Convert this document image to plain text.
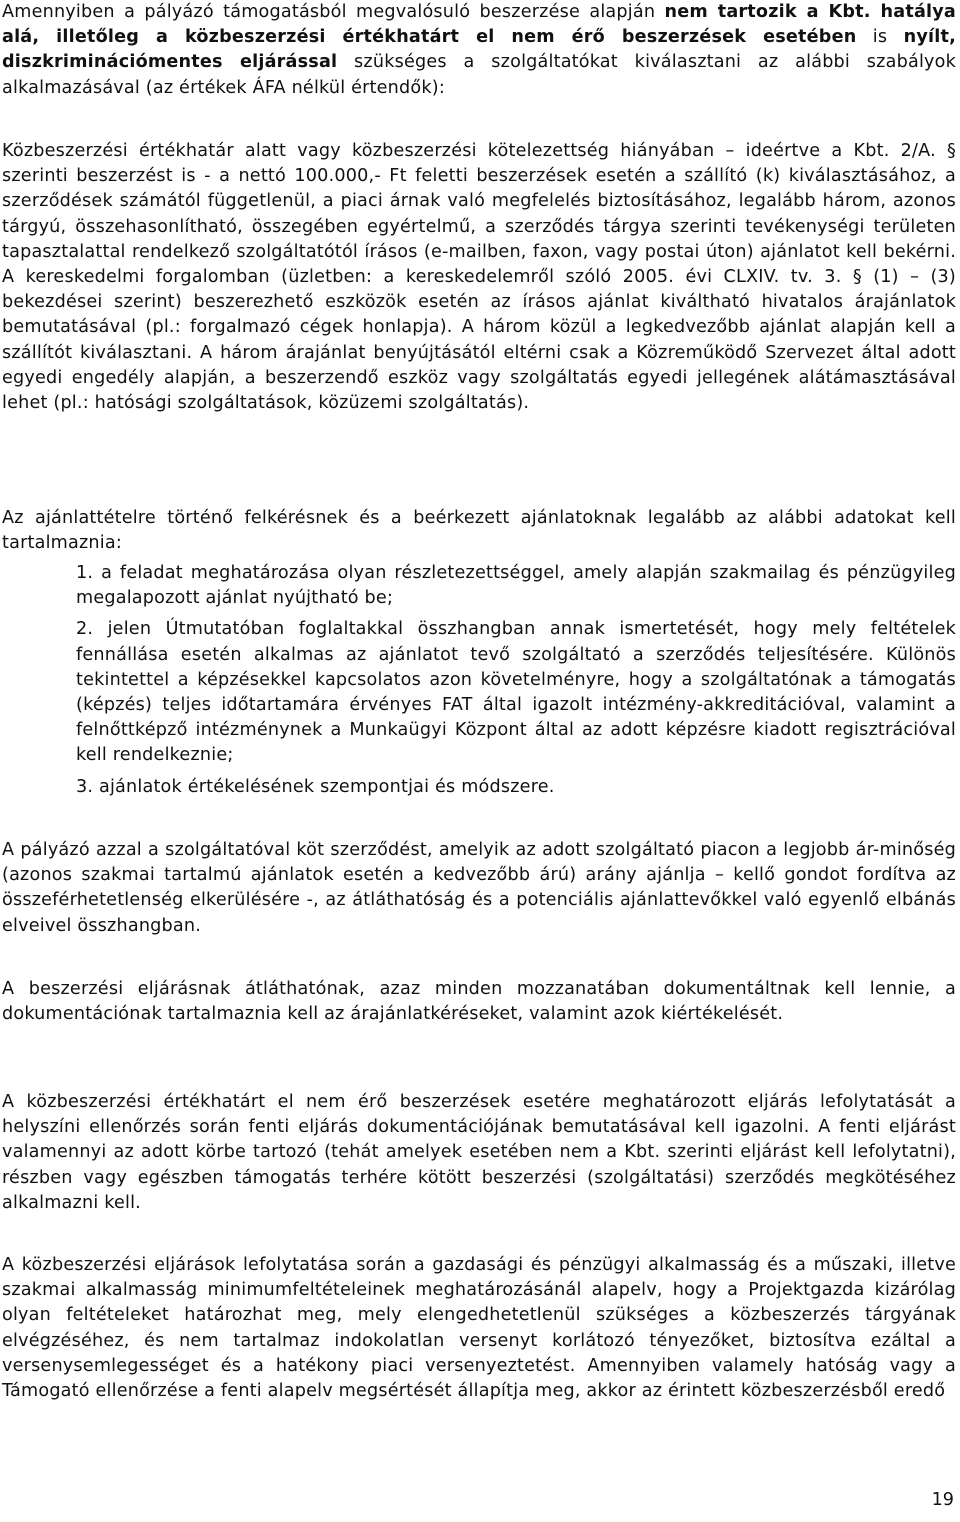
Amennyiben a pályázó támogatásból megvalósuló beszerzése alapján nem tartozik a Kbt. hatálya alá, illetőleg a közbeszerzési értékhatárt el nem érő beszerzések esetében is nyílt, diszkriminációmentes eljárással szükséges a szolgáltatókat kiválasztani az alábbi szabályok alkalmazásával (az értékek ÁFA nélkül értendők):

Közbeszerzési értékhatár alatt vagy közbeszerzési kötelezettség hiányában – ideértve a Kbt. 2/A. § szerinti beszerzést is - a nettó 100.000,- Ft feletti beszerzések esetén a szállító (k) kiválasztásához, a szerződések számától függetlenül, a piaci árnak való megfelelés biztosításához, legalább három, azonos tárgyú, összehasonlítható, összegében egyértelmű, a szerződés tárgya szerinti tevékenységi területen tapasztalattal rendelkező szolgáltatótól írásos (e-mailben, faxon, vagy postai úton) ajánlatot kell bekérni. A kereskedelmi forgalomban (üzletben: a kereskedelemről szóló 2005. évi CLXIV. tv. 3. § (1) – (3) bekezdései szerint) beszerezhető eszközök esetén az írásos ajánlat kiváltható hivatalos árajánlatok bemutatásával (pl.: forgalmazó cégek honlapja). A három közül a legkedvezőbb ajánlat alapján kell a szállítót kiválasztani. A három árajánlat benyújtásától eltérni csak a Közreműködő Szervezet által adott egyedi engedély alapján, a beszerzendő eszköz vagy szolgáltatás egyedi jellegének alátámasztásával lehet (pl.: hatósági szolgáltatások, közüzemi szolgáltatás).

Az ajánlattételre történő felkérésnek és a beérkezett ajánlatoknak legalább az alábbi adatokat kell tartalmaznia:

1. a feladat meghatározása olyan részletezettséggel, amely alapján szakmailag és pénzügyileg megalapozott ajánlat nyújtható be;
2. jelen Útmutatóban foglaltakkal összhangban annak ismertetését, hogy mely feltételek fennállása esetén alkalmas az ajánlatot tevő szolgáltató a szerződés teljesítésére. Különös tekintettel a képzésekkel kapcsolatos azon követelményre, hogy a szolgáltatónak a támogatás (képzés) teljes időtartamára érvényes FAT által igazolt intézmény-akkreditációval, valamint a felnőttképző intézménynek a Munkaügyi Központ által az adott képzésre kiadott regisztrációval kell rendelkeznie;
3. ajánlatok értékelésének szempontjai és módszere.

A pályázó azzal a szolgáltatóval köt szerződést, amelyik az adott szolgáltató piacon a legjobb ár-minőség (azonos szakmai tartalmú ajánlatok esetén a kedvezőbb árú) arány ajánlja – kellő gondot fordítva az összeférhetetlenség elkerülésére -, az átláthatóság és a potenciális ajánlattevőkkel való egyenlő elbánás elveivel összhangban.

A beszerzési eljárásnak átláthatónak, azaz minden mozzanatában dokumentáltnak kell lennie, a dokumentációnak tartalmaznia kell az árajánlatkéréseket, valamint azok kiértékelését.

A közbeszerzési értékhatárt el nem érő beszerzések esetére meghatározott eljárás lefolytatását a helyszíni ellenőrzés során fenti eljárás dokumentációjának bemutatásával kell igazolni. A fenti eljárást valamennyi az adott körbe tartozó (tehát amelyek esetében nem a Kbt. szerinti eljárást kell lefolytatni), részben vagy egészben támogatás terhére kötött beszerzési (szolgáltatási) szerződés megkötéséhez alkalmazni kell.

A közbeszerzési eljárások lefolytatása során a gazdasági és pénzügyi alkalmasság és a műszaki, illetve szakmai alkalmasság minimumfeltételeinek meghatározásánál alapelv, hogy a Projektgazda kizárólag olyan feltételeket határozhat meg, mely elengedhetetlenül szükséges a közbeszerzés tárgyának elvégzéséhez, és nem tartalmaz indokolatlan versenyt korlátozó tényezőket, biztosítva ezáltal a versenysemlegességet és a hatékony piaci versenyeztetést. Amennyiben valamely hatóság vagy a Támogató ellenőrzése a fenti alapelv megsértését állapítja meg, akkor az érintett közbeszerzésből eredő

19
